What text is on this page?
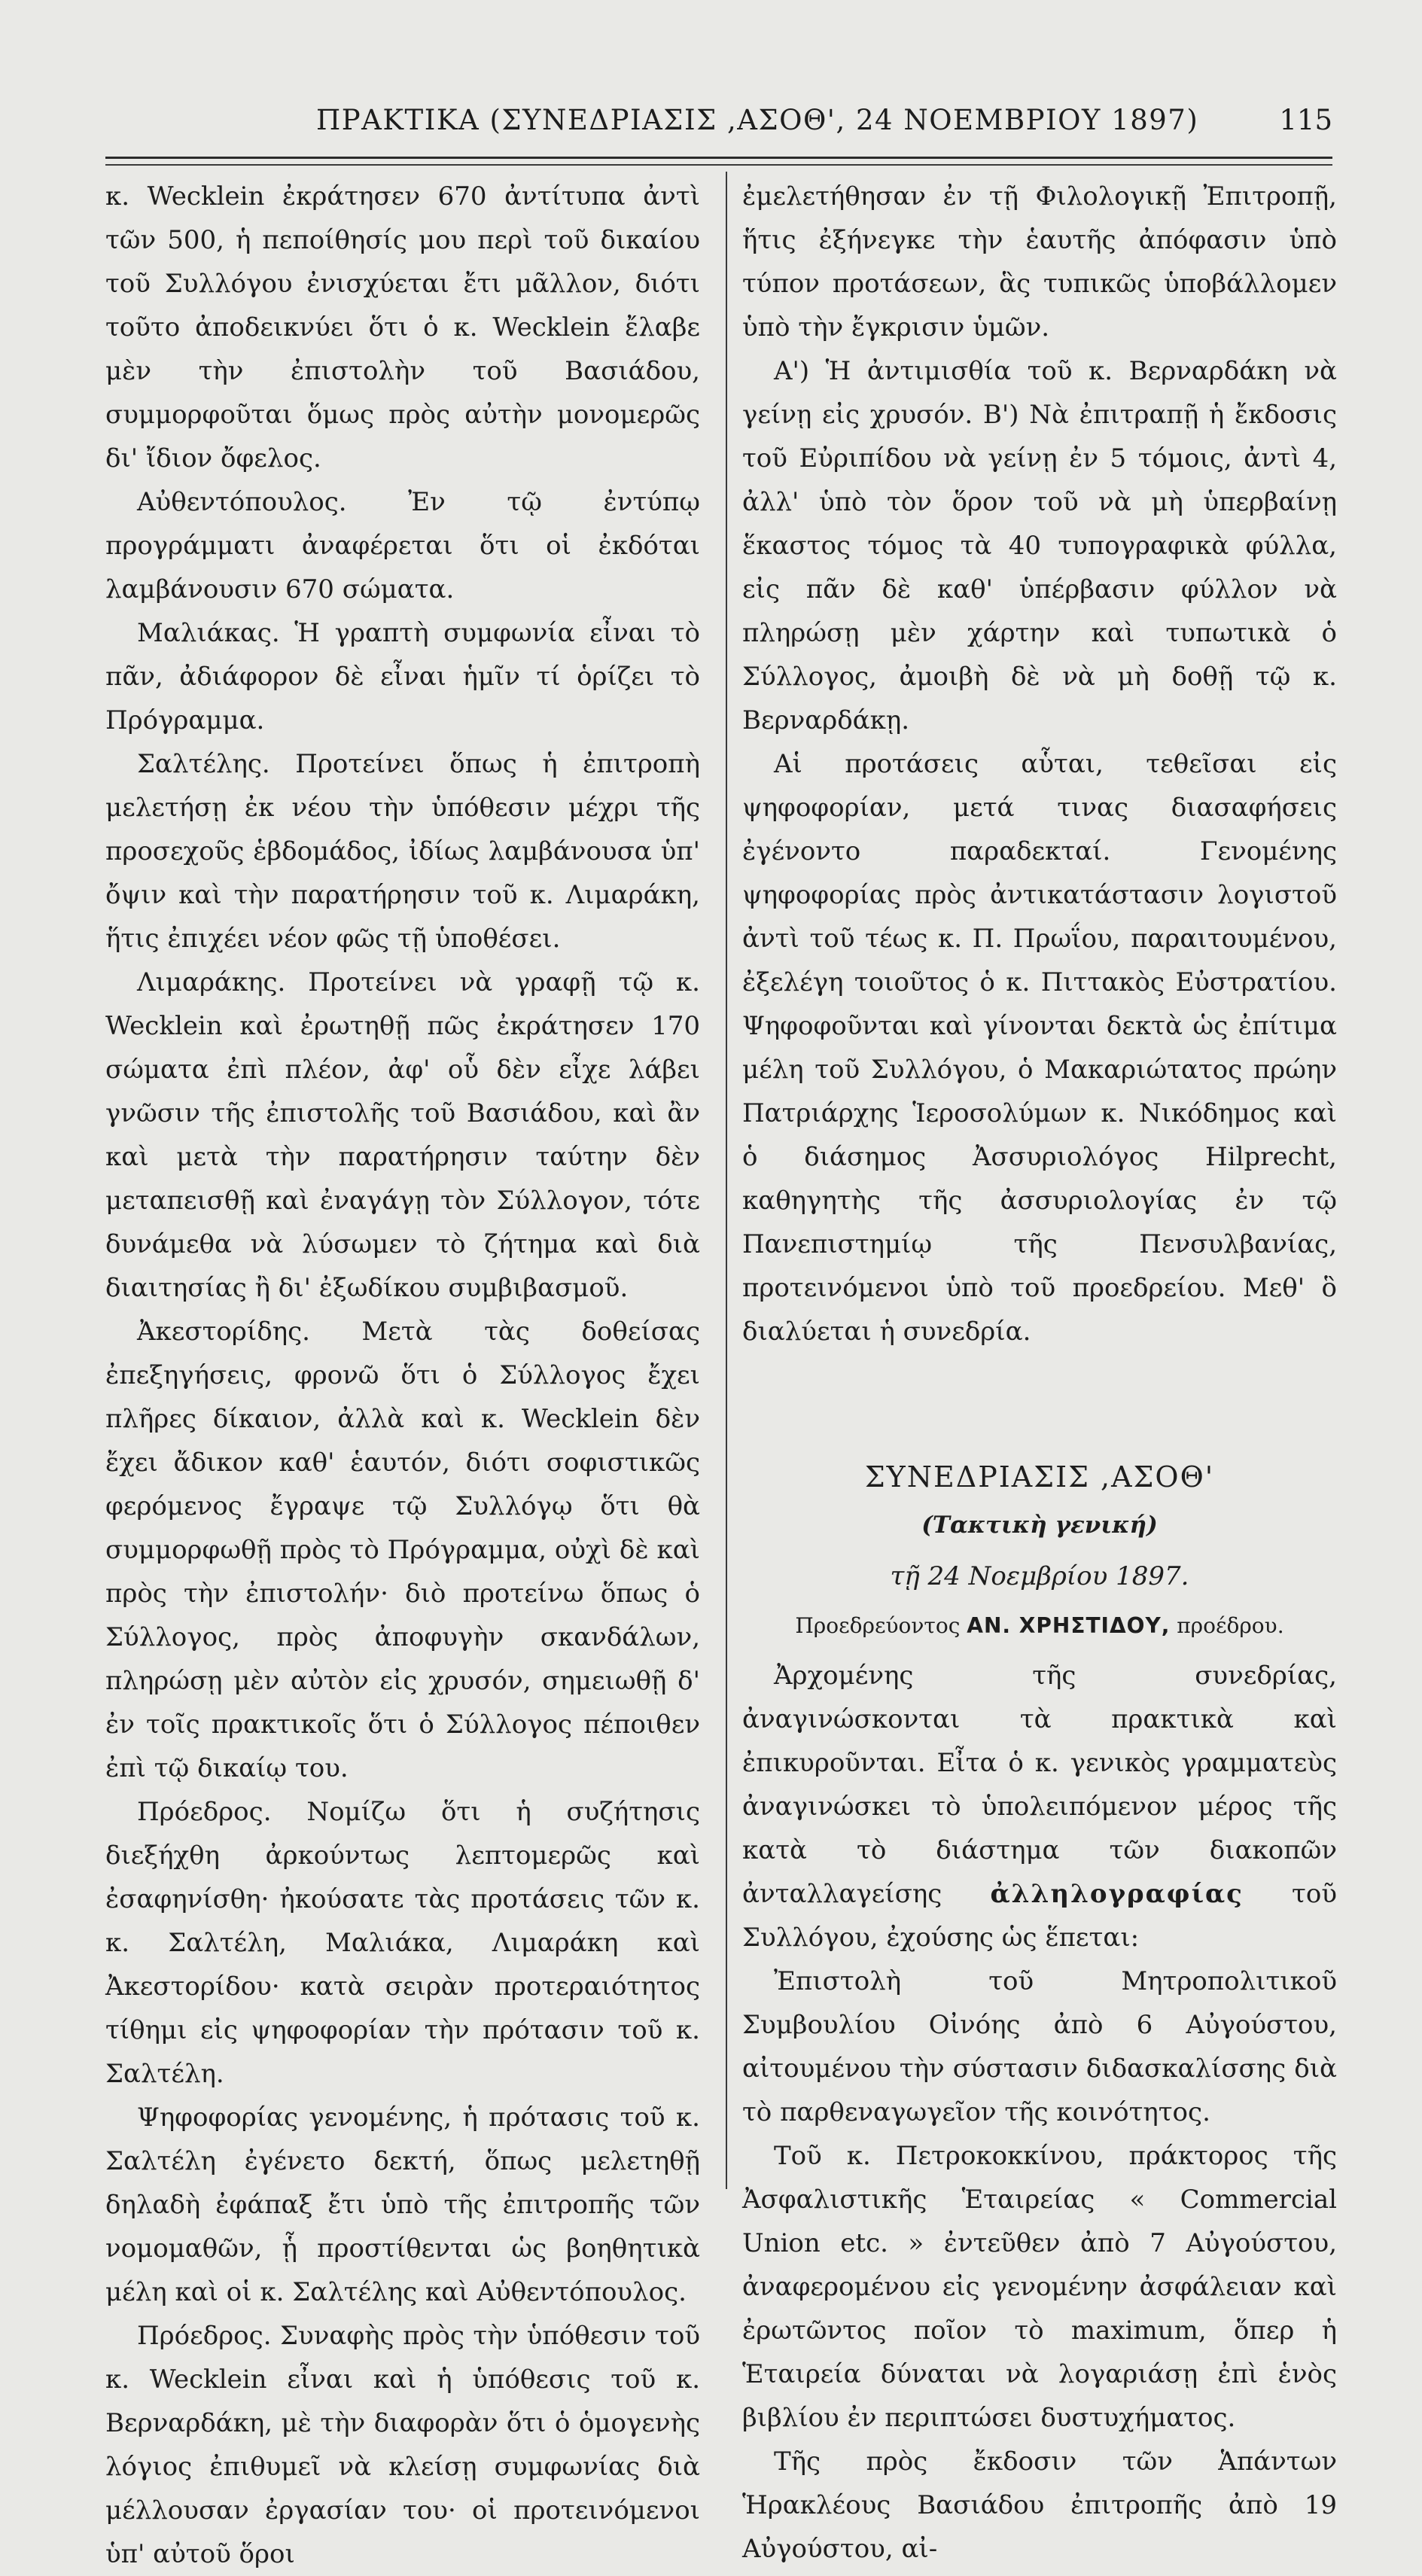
ΠΡΑΚΤΙΚΑ (ΣΥΝΕΔΡΙΑΣΙΣ ,ΑΣΟΘ', 24 ΝΟΕΜΒΡΙΟΥ 1897)	115

κ. Wecklein ἐκράτησεν 670 ἀντίτυπα ἀντὶ τῶν 500, ἡ πεποίθησίς μου περὶ τοῦ δικαίου τοῦ Συλλόγου ἐνισχύεται ἔτι μᾶλλον, διότι τοῦτο ἀποδεικνύει ὅτι ὁ κ. Wecklein ἔλαβε μὲν τὴν ἐπιστολὴν τοῦ Βασιάδου, συμμορφοῦται ὅμως πρὸς αὐτὴν μονομερῶς δι' ἴδιον ὄφελος.

Αὐθεντόπουλος. Ἐν τῷ ἐντύπῳ προγράμματι ἀναφέρεται ὅτι οἱ ἐκδόται λαμβάνουσιν 670 σώματα.

Μαλιάκας. Ἡ γραπτὴ συμφωνία εἶναι τὸ πᾶν, ἀδιάφορον δὲ εἶναι ἡμῖν τί ὁρίζει τὸ Πρόγραμμα.

Σαλτέλης. Προτείνει ὅπως ἡ ἐπιτροπὴ μελετήσῃ ἐκ νέου τὴν ὑπόθεσιν μέχρι τῆς προσεχοῦς ἑβδομάδος, ἰδίως λαμβάνουσα ὑπ' ὄψιν καὶ τὴν παρατήρησιν τοῦ κ. Λιμαράκη, ἥτις ἐπιχέει νέον φῶς τῇ ὑποθέσει.

Λιμαράκης. Προτείνει νὰ γραφῇ τῷ κ. Wecklein καὶ ἐρωτηθῇ πῶς ἐκράτησεν 170 σώματα ἐπὶ πλέον, ἀφ' οὗ δὲν εἶχε λάβει γνῶσιν τῆς ἐπιστολῆς τοῦ Βασιάδου, καὶ ἂν καὶ μετὰ τὴν παρατήρησιν ταύτην δὲν μεταπεισθῇ καὶ ἐναγάγῃ τὸν Σύλλογον, τότε δυνάμεθα νὰ λύσωμεν τὸ ζήτημα καὶ διὰ διαιτησίας ἢ δι' ἐξωδίκου συμβιβασμοῦ.

Ἀκεστορίδης. Μετὰ τὰς δοθείσας ἐπεξηγήσεις, φρονῶ ὅτι ὁ Σύλλογος ἔχει πλῆρες δίκαιον, ἀλλὰ καὶ κ. Wecklein δὲν ἔχει ἄδικον καθ' ἑαυτόν, διότι σοφιστικῶς φερόμενος ἔγραψε τῷ Συλλόγῳ ὅτι θὰ συμμορφωθῇ πρὸς τὸ Πρόγραμμα, οὐχὶ δὲ καὶ πρὸς τὴν ἐπιστολήν· διὸ προτείνω ὅπως ὁ Σύλλογος, πρὸς ἀποφυγὴν σκανδάλων, πληρώσῃ μὲν αὐτὸν εἰς χρυσόν, σημειωθῇ δ' ἐν τοῖς πρακτικοῖς ὅτι ὁ Σύλλογος πέποιθεν ἐπὶ τῷ δικαίῳ του.

Πρόεδρος. Νομίζω ὅτι ἡ συζήτησις διεξήχθη ἀρκούντως λεπτομερῶς καὶ ἐσαφηνίσθη· ἠκούσατε τὰς προτάσεις τῶν κ. κ. Σαλτέλη, Μαλιάκα, Λιμαράκη καὶ Ἀκεστορίδου· κατὰ σειρὰν προτεραιότητος τίθημι εἰς ψηφοφορίαν τὴν πρότασιν τοῦ κ. Σαλτέλη.

Ψηφοφορίας γενομένης, ἡ πρότασις τοῦ κ. Σαλτέλη ἐγένετο δεκτή, ὅπως μελετηθῇ δηλαδὴ ἐφάπαξ ἔτι ὑπὸ τῆς ἐπιτροπῆς τῶν νομομαθῶν, ᾗ προστίθενται ὡς βοηθητικὰ μέλη καὶ οἱ κ. Σαλτέλης καὶ Αὐθεντόπουλος.

Πρόεδρος. Συναφὴς πρὸς τὴν ὑπόθεσιν τοῦ κ. Wecklein εἶναι καὶ ἡ ὑπόθεσις τοῦ κ. Βερναρδάκη, μὲ τὴν διαφορὰν ὅτι ὁ ὁμογενὴς λόγιος ἐπιθυμεῖ νὰ κλείσῃ συμφωνίας διὰ μέλλουσαν ἐργασίαν του· οἱ προτεινόμενοι ὑπ' αὐτοῦ ὅροι

ἐμελετήθησαν ἐν τῇ Φιλολογικῇ Ἐπιτροπῇ, ἥτις ἐξήνεγκε τὴν ἑαυτῆς ἀπόφασιν ὑπὸ τύπον προτάσεων, ἃς τυπικῶς ὑποβάλλομεν ὑπὸ τὴν ἔγκρισιν ὑμῶν.

Α') Ἡ ἀντιμισθία τοῦ κ. Βερναρδάκη νὰ γείνῃ εἰς χρυσόν. Β') Νὰ ἐπιτραπῇ ἡ ἔκδοσις τοῦ Εὐριπίδου νὰ γείνῃ ἐν 5 τόμοις, ἀντὶ 4, ἀλλ' ὑπὸ τὸν ὅρον τοῦ νὰ μὴ ὑπερβαίνῃ ἕκαστος τόμος τὰ 40 τυπογραφικὰ φύλλα, εἰς πᾶν δὲ καθ' ὑπέρβασιν φύλλον νὰ πληρώσῃ μὲν χάρτην καὶ τυπωτικὰ ὁ Σύλλογος, ἀμοιβὴ δὲ νὰ μὴ δοθῇ τῷ κ. Βερναρδάκῃ.

Αἱ προτάσεις αὗται, τεθεῖσαι εἰς ψηφοφορίαν, μετά τινας διασαφήσεις ἐγένοντο παραδεκταί. Γενομένης ψηφοφορίας πρὸς ἀντικατάστασιν λογιστοῦ ἀντὶ τοῦ τέως κ. Π. Πρωΐου, παραιτουμένου, ἐξελέγη τοιοῦτος ὁ κ. Πιττακὸς Εὐστρατίου. Ψηφοφοῦνται καὶ γίνονται δεκτὰ ὡς ἐπίτιμα μέλη τοῦ Συλλόγου, ὁ Μακαριώτατος πρώην Πατριάρχης Ἱεροσολύμων κ. Νικόδημος καὶ ὁ διάσημος Ἀσσυριολόγος Hilprecht, καθηγητὴς τῆς ἀσσυριολογίας ἐν τῷ Πανεπιστημίῳ τῆς Πενσυλβανίας, προτεινόμενοι ὑπὸ τοῦ προεδρείου. Μεθ' ὃ διαλύεται ἡ συνεδρία.

ΣΥΝΕΔΡΙΑΣΙΣ ,ΑΣΟΘ'
(Τακτικὴ γενική)
τῇ 24 Νοεμβρίου 1897.
Προεδρεύοντος ΑΝ. ΧΡΗΣΤΙΔΟΥ, προέδρου.

Ἀρχομένης τῆς συνεδρίας, ἀναγινώσκονται τὰ πρακτικὰ καὶ ἐπικυροῦνται. Εἶτα ὁ κ. γενικὸς γραμματεὺς ἀναγινώσκει τὸ ὑπολειπόμενον μέρος τῆς κατὰ τὸ διάστημα τῶν διακοπῶν ἀνταλλαγείσης ἀλληλογραφίας τοῦ Συλλόγου, ἐχούσης ὡς ἕπεται:

Ἐπιστολὴ τοῦ Μητροπολιτικοῦ Συμβουλίου Οἰνόης ἀπὸ 6 Αὐγούστου, αἰτουμένου τὴν σύστασιν διδασκαλίσσης διὰ τὸ παρθεναγωγεῖον τῆς κοινότητος.

Τοῦ κ. Πετροκοκκίνου, πράκτορος τῆς Ἀσφαλιστικῆς Ἑταιρείας « Commercial Union etc. » ἐντεῦθεν ἀπὸ 7 Αὐγούστου, ἀναφερομένου εἰς γενομένην ἀσφάλειαν καὶ ἐρωτῶντος ποῖον τὸ maximum, ὅπερ ἡ Ἑταιρεία δύναται νὰ λογαριάσῃ ἐπὶ ἑνὸς βιβλίου ἐν περιπτώσει δυστυχήματος.

Τῆς πρὸς ἔκδοσιν τῶν Ἁπάντων Ἡρακλέους Βασιάδου ἐπιτροπῆς ἀπὸ 19 Αὐγούστου, αἰ-
